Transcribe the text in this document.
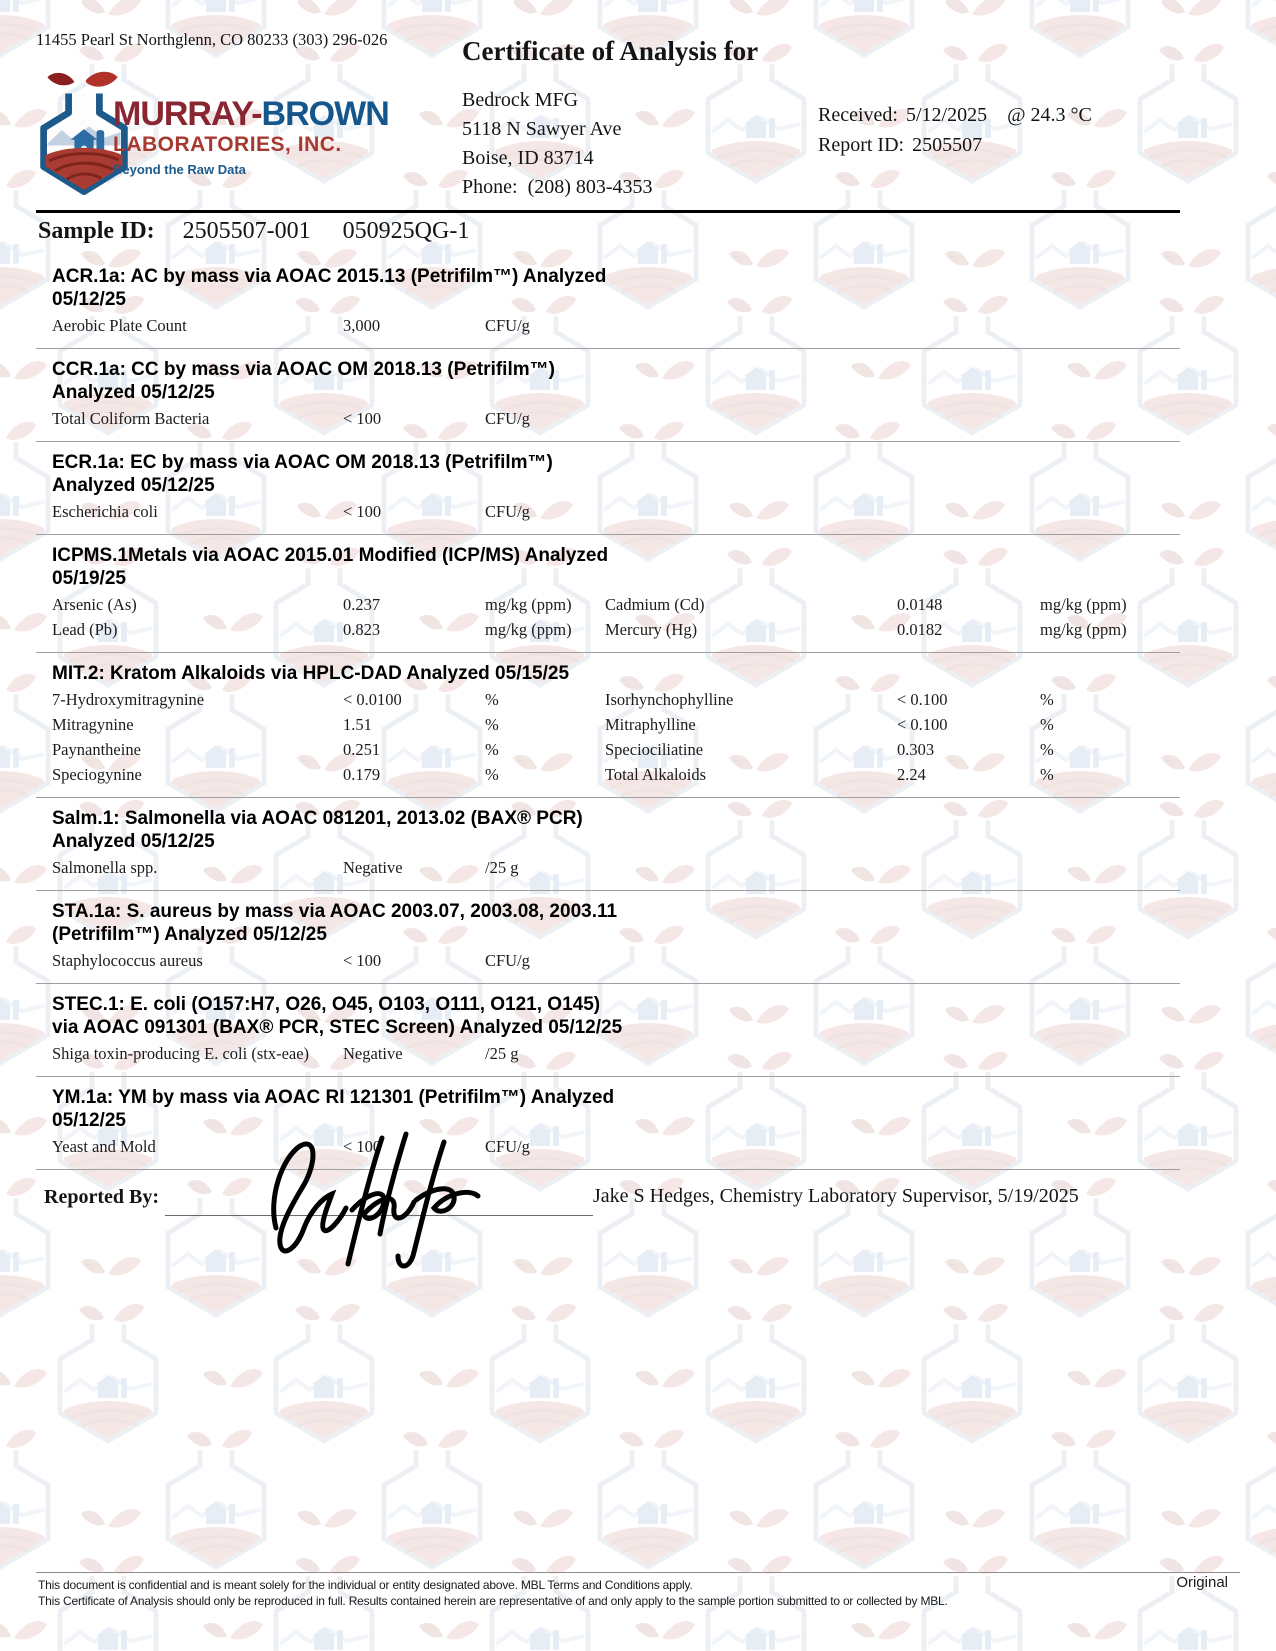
11455 Pearl St Northglenn, CO 80233 (303) 296-026
MURRAY-BROWN
LABORATORIES, INC.
Beyond the Raw Data
Certificate of Analysis for
Bedrock MFG
5118 N Sawyer Ave
Boise, ID 83714
Phone: (208) 803-4353
Received: 5/12/2025 @ 24.3 °C
Report ID: 2505507
Sample ID: 2505507-001 050925QG-1
ACR.1a: AC by mass via AOAC 2015.13 (Petrifilm™) Analyzed
05/12/25
Aerobic Plate Count	3,000	CFU/g
CCR.1a: CC by mass via AOAC OM 2018.13 (Petrifilm™)
Analyzed 05/12/25
Total Coliform Bacteria	< 100	CFU/g
ECR.1a: EC by mass via AOAC OM 2018.13 (Petrifilm™)
Analyzed 05/12/25
Escherichia coli	< 100	CFU/g
ICPMS.1Metals via AOAC 2015.01 Modified (ICP/MS) Analyzed
05/19/25
Arsenic (As)	0.237	mg/kg (ppm) Cadmium (Cd)	0.0148	mg/kg (ppm)
Lead (Pb)	0.823	mg/kg (ppm) Mercury (Hg)	0.0182	mg/kg (ppm)
MIT.2: Kratom Alkaloids via HPLC-DAD Analyzed 05/15/25
7-Hydroxymitragynine	< 0.0100	%	Isorhynchophylline	< 0.100	%
Mitragynine	1.51	%	Mitraphylline	< 0.100	%
Paynantheine	0.251	%	Speciociliatine	0.303	%
Speciogynine	0.179	%	Total Alkaloids	2.24	%
Salm.1: Salmonella via AOAC 081201, 2013.02 (BAX® PCR)
Analyzed 05/12/25
Salmonella spp.	Negative	/25 g
STA.1a: S. aureus by mass via AOAC 2003.07, 2003.08, 2003.11
(Petrifilm™) Analyzed 05/12/25
Staphylococcus aureus	< 100	CFU/g
STEC.1: E. coli (O157:H7, O26, O45, O103, O111, O121, O145)
via AOAC 091301 (BAX® PCR, STEC Screen) Analyzed 05/12/25
Shiga toxin-producing E. coli (stx-eae) Negative	/25 g
YM.1a: YM by mass via AOAC RI 121301 (Petrifilm™) Analyzed
05/12/25
Yeast and Mold	< 100	CFU/g
Reported By:	Jake S Hedges, Chemistry Laboratory Supervisor, 5/19/2025
This document is confidential and is meant solely for the individual or entity designated above. MBL Terms and Conditions apply.
This Certificate of Analysis should only be reproduced in full. Results contained herein are representative of and only apply to the sample portion submitted to or collected by MBL.
Original
